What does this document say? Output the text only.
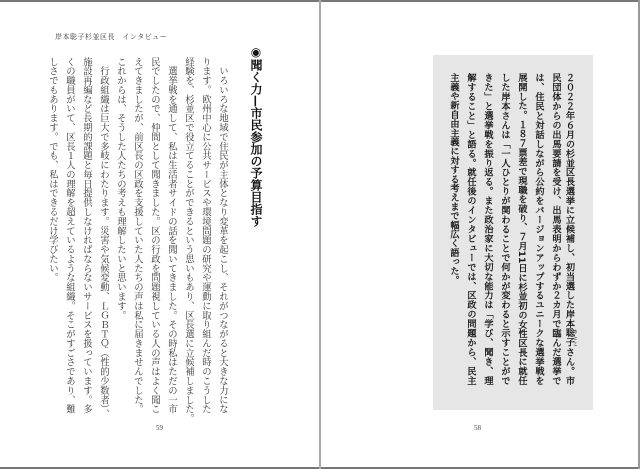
岸本聡子杉並区長　インタビュー
◉聞く力—市民参加の予算目指す
　いろいろな地域で住民が主体となり変革を起こし、それがつながると大きな力にな
ります。欧州中心に公共サービスや環境問題の研究や運動に取り組んだ時のこうした
経験を、杉並区で役立てることができるという思いもあり、区長選に立候補しました。
　選挙戦を通して、私は生活者サイドの話を聞いてきました。その時私はただの一市
民でしたので、仲間として聞きました。区の行政を問題視している人の声はよく聞こ
えてきましたが、前区長の区政を支援していた人たちの声は私に届きませんでした。
これからは、そうした人たちの考えも理解したいと思います。
　行政組織は巨大で多岐にわたります。災害や気候変動、ＬＧＢＴＱ（性的少数者）、
施設再編など長期的課題と毎日提供しなければならないサービスを扱っています。多
くの職員がいて、区長１人の理解を超えているような組織。そこがすごさであり、難
しさでもあります。でも、私はできるだけ学びたい。
59
２０２２年６月の杉並区長選挙に立候補し、初当選した岸本聡子 さとこさん。市
民団体からの出馬要請を受け、出馬表明からわずか２カ月で臨んだ選挙で
は、住民と対話しながら公約をバージョンアップするユニークな選挙戦を
展開した。１８７票差で現職を破り、７月11日に杉並初の女性区長に就任
した岸本さんは「一人ひとりが関わることで何かが変わると示すことがで
きた」と選挙戦を振り返る。また政治家に大切な能力は「学び、聞き、理
解すること」と語る。就任後のインタビューでは、区政の問題から、民主
主義や新自由主義に対する考えまで幅広く語った。
58
